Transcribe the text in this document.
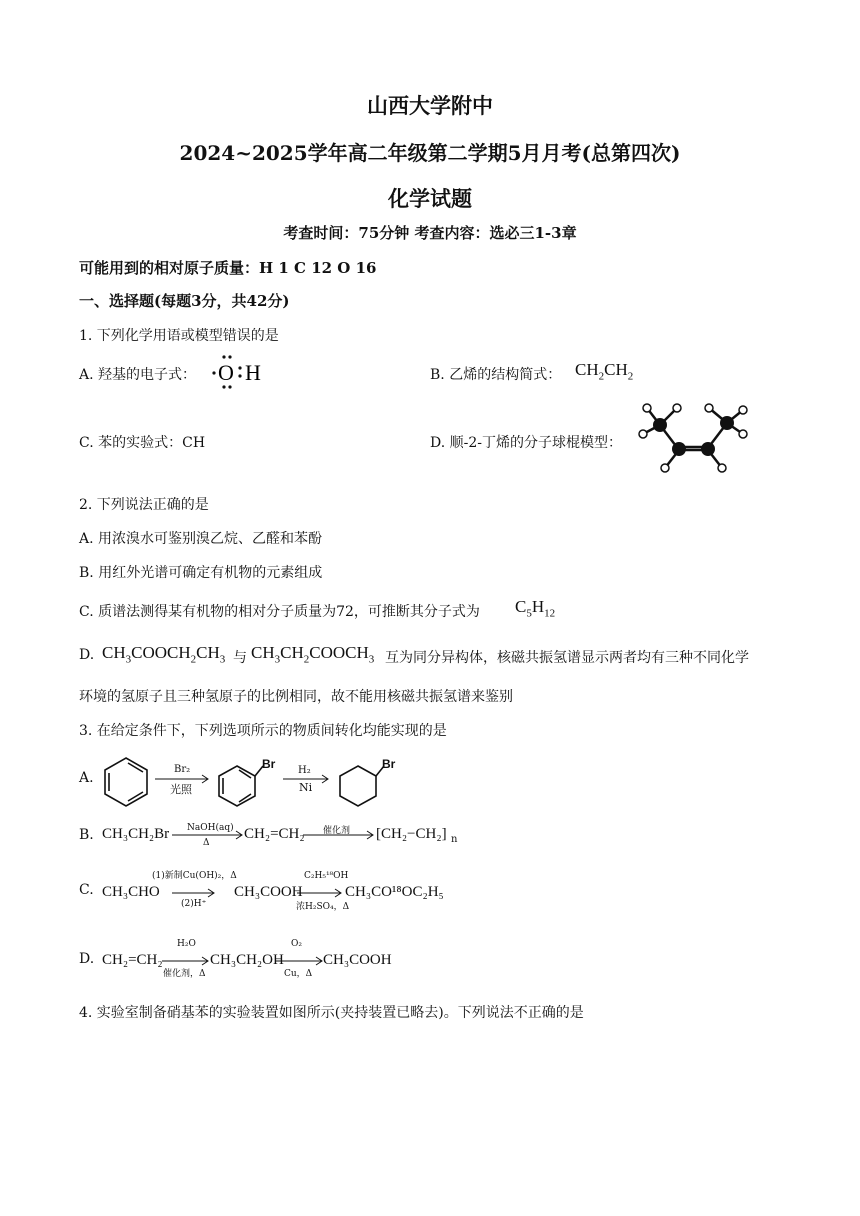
山西大学附中
2024~2025学年高二年级第二学期5月月考(总第四次)
化学试题
考查时间：75分钟 考查内容：选必三1-3章
可能用到的相对原子质量：H 1 C 12 O 16
一、选择题(每题3分，共42分)
1. 下列化学用语或模型错误的是
A. 羟基的电子式： O H	B. 乙烯的结构简式： $CH_2CH_2$
C. 苯的实验式：CH	D. 顺-2-丁烯的分子球棍模型：
2. 下列说法正确的是
A. 用浓溴水可鉴别溴乙烷、乙醛和苯酚
B. 用红外光谱可确定有机物的元素组成
C. 质谱法测得某有机物的相对分子质量为72，可推断其分子式为 $C_5H_{12}$
D. $CH_3COOCH_2CH_3$ 与 $CH_3CH_2COOCH_3$ 互为同分异构体，核磁共振氢谱显示两者均有三种不同化学
环境的氢原子且三种氢原子的比例相同，故不能用核磁共振氢谱来鉴别
3. 在给定条件下，下列选项所示的物质间转化均能实现的是
A.
Br₂
光照
Br H₂
Ni
Br
B. CH₃CH₂Br NaOH(aq)
Δ
CH₂=CH₂ 催化剂 [CH₂−CH₂] n
C. CH₃CHO
(1)新制Cu(OH)₂，Δ
(2)H⁺
CH₃COOH
C₂H₅¹⁸OH
浓H₂SO₄，Δ
CH₃CO¹⁸OC₂H₅
D. CH₂=CH₂
H₂O
催化剂，Δ
CH₃CH₂OH
O₂
Cu，Δ
CH₃COOH
4. 实验室制备硝基苯的实验装置如图所示(夹持装置已略去)。下列说法不正确的是
